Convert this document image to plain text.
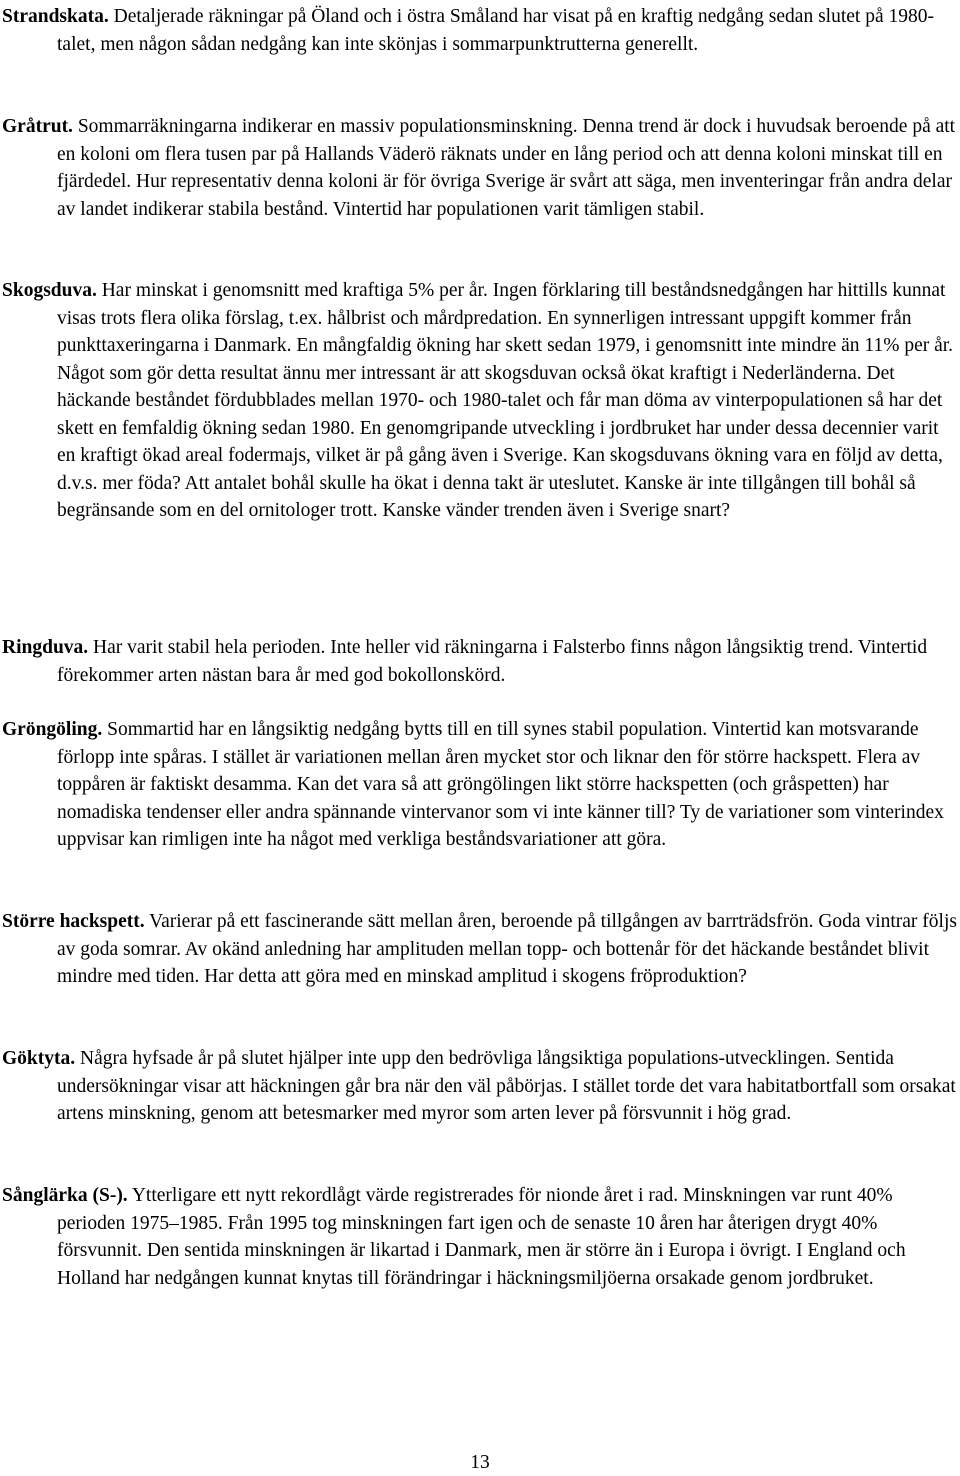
Strandskata. Detaljerade räkningar på Öland och i östra Småland har visat på en kraftig nedgång sedan slutet på 1980-talet, men någon sådan nedgång kan inte skönjas i sommarpunktrutterna generellt.

Gråtrut. Sommarräkningarna indikerar en massiv populationsminskning. Denna trend är dock i huvudsak beroende på att en koloni om flera tusen par på Hallands Väderö räknats under en lång period och att denna koloni minskat till en fjärdedel. Hur representativ denna koloni är för övriga Sverige är svårt att säga, men inventeringar från andra delar av landet indikerar stabila bestånd. Vintertid har populationen varit tämligen stabil.

Skogsduva. Har minskat i genomsnitt med kraftiga 5% per år. Ingen förklaring till beståndsnedgången har hittills kunnat visas trots flera olika förslag, t.ex. hålbrist och mårdpredation. En synnerligen intressant uppgift kommer från punkttaxeringarna i Danmark. En mångfaldig ökning har skett sedan 1979, i genomsnitt inte mindre än 11% per år. Något som gör detta resultat ännu mer intressant är att skogsduvan också ökat kraftigt i Nederländerna. Det häckande beståndet fördubblades mellan 1970- och 1980-talet och får man döma av vinterpopulationen så har det skett en femfaldig ökning sedan 1980. En genomgripande utveckling i jordbruket har under dessa decennier varit en kraftigt ökad areal fodermajs, vilket är på gång även i Sverige. Kan skogsduvans ökning vara en följd av detta, d.v.s. mer föda? Att antalet bohål skulle ha ökat i denna takt är uteslutet. Kanske är inte tillgången till bohål så begränsande som en del ornitologer trott. Kanske vänder trenden även i Sverige snart?

Ringduva. Har varit stabil hela perioden. Inte heller vid räkningarna i Falsterbo finns någon långsiktig trend. Vintertid förekommer arten nästan bara år med god bokollonskörd.

Gröngöling. Sommartid har en långsiktig nedgång bytts till en till synes stabil population. Vintertid kan motsvarande förlopp inte spåras. I stället är variationen mellan åren mycket stor och liknar den för större hackspett. Flera av toppåren är faktiskt desamma. Kan det vara så att gröngölingen likt större hackspetten (och gråspetten) har nomadiska tendenser eller andra spännande vintervanor som vi inte känner till? Ty de variationer som vinterindex uppvisar kan rimligen inte ha något med verkliga beståndsvariationer att göra.

Större hackspett. Varierar på ett fascinerande sätt mellan åren, beroende på tillgången av barrträdsfrön. Goda vintrar följs av goda somrar. Av okänd anledning har amplituden mellan topp- och bottenår för det häckande beståndet blivit mindre med tiden. Har detta att göra med en minskad amplitud i skogens fröproduktion?

Göktyta. Några hyfsade år på slutet hjälper inte upp den bedrövliga långsiktiga populations-utvecklingen. Sentida undersökningar visar att häckningen går bra när den väl påbörjas. I stället torde det vara habitatbortfall som orsakat artens minskning, genom att betesmarker med myror som arten lever på försvunnit i hög grad.

Sånglärka (S-). Ytterligare ett nytt rekordlågt värde registrerades för nionde året i rad. Minskningen var runt 40% perioden 1975–1985. Från 1995 tog minskningen fart igen och de senaste 10 åren har återigen drygt 40% försvunnit. Den sentida minskningen är likartad i Danmark, men är större än i Europa i övrigt. I England och Holland har nedgången kunnat knytas till förändringar i häckningsmiljöerna orsakade genom jordbruket.

13
